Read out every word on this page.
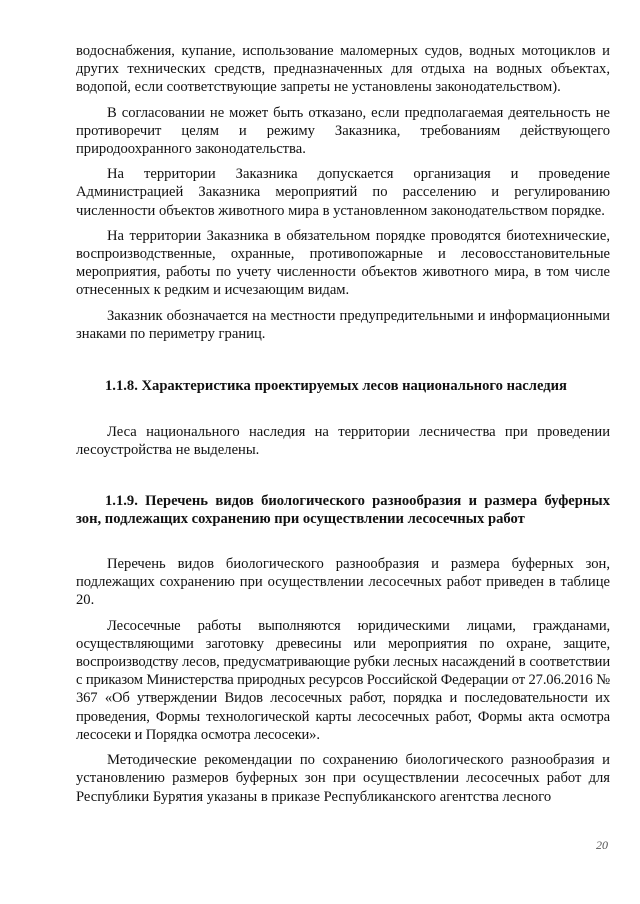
водоснабжения, купание, использование маломерных судов, водных мотоциклов и других технических средств, предназначенных для отдыха на водных объектах, водопой, если соответствующие запреты не установлены законодательством).

В согласовании не может быть отказано, если предполагаемая деятельность не противоречит целям и режиму Заказника, требованиям действующего природоохранного законодательства.

На территории Заказника допускается организация и проведение Администрацией Заказника мероприятий по расселению и регулированию численности объектов животного мира в установленном законодательством порядке.

На территории Заказника в обязательном порядке проводятся биотехнические, воспроизводственные, охранные, противопожарные и лесовосстановительные мероприятия, работы по учету численности объектов животного мира, в том числе отнесенных к редким и исчезающим видам.

Заказник обозначается на местности предупредительными и информационными знаками по периметру границ.

1.1.8. Характеристика проектируемых лесов национального наследия

Леса национального наследия на территории лесничества при проведении лесоустройства не выделены.

1.1.9. Перечень видов биологического разнообразия и размера буферных зон, подлежащих сохранению при осуществлении лесосечных работ

Перечень видов биологического разнообразия и размера буферных зон, подлежащих сохранению при осуществлении лесосечных работ приведен в таблице 20.

Лесосечные работы выполняются юридическими лицами, гражданами, осуществляющими заготовку древесины или мероприятия по охране, защите, воспроизводству лесов, предусматривающие рубки лесных насаждений в соответствии с приказом Министерства природных ресурсов Российской Федерации от 27.06.2016 № 367 «Об утверждении Видов лесосечных работ, порядка и последовательности их проведения, Формы технологической карты лесосечных работ, Формы акта осмотра лесосеки и Порядка осмотра лесосеки».

Методические рекомендации по сохранению биологического разнообразия и установлению размеров буферных зон при осуществлении лесосечных работ для Республики Бурятия указаны в приказе Республиканского агентства лесного

20
